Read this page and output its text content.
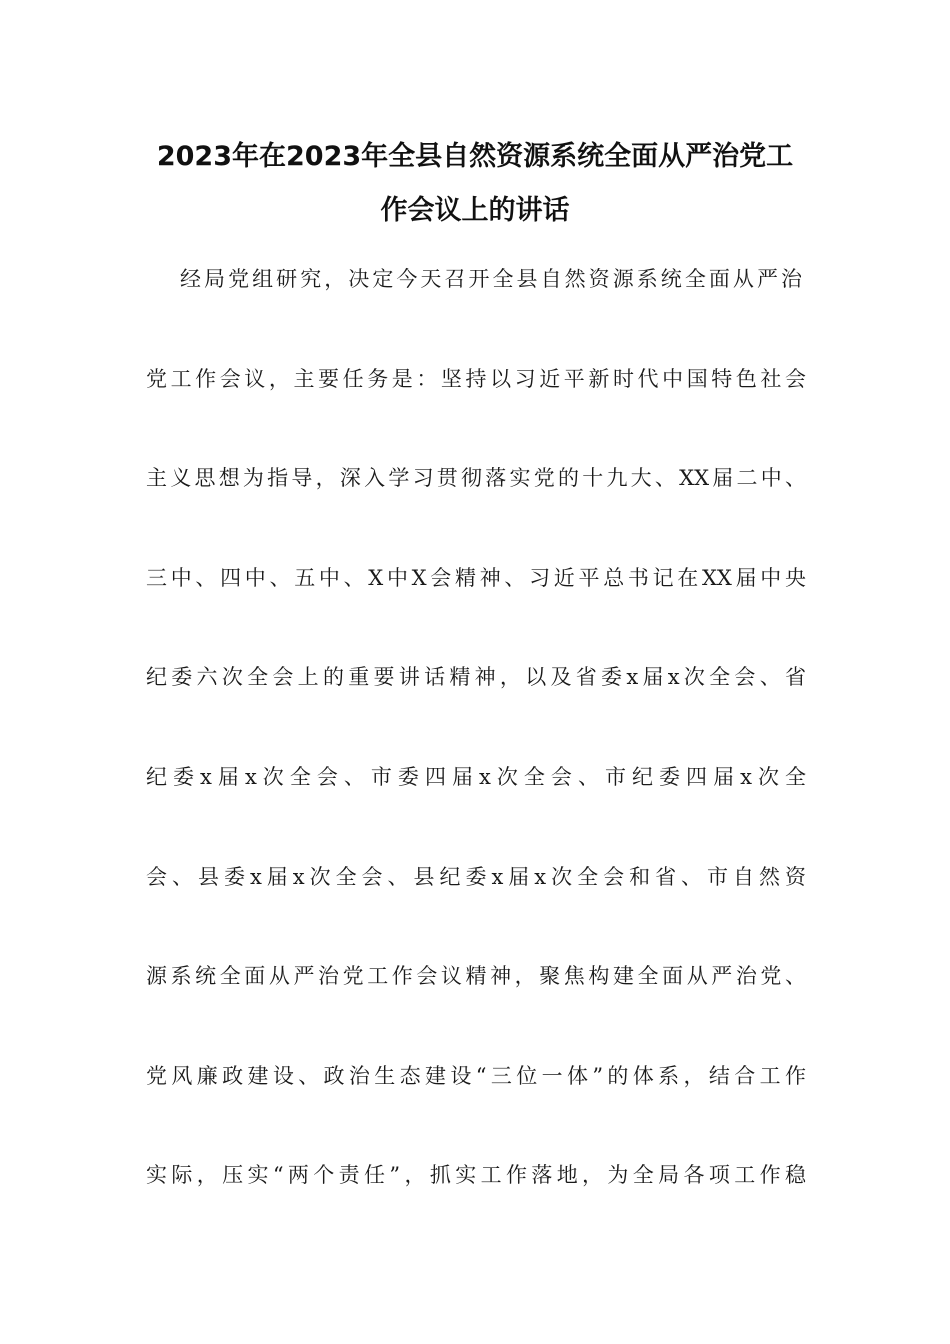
2023年在2023年全县自然资源系统全面从严治党工
作会议上的讲话
经局党组研究，决定今天召开全县自然资源系统全面从严治
党工作会议，主要任务是：坚持以习近平新时代中国特色社会
主义思想为指导，深入学习贯彻落实党的十九大、XX届二中、
三中、四中、五中、X中X会精神、习近平总书记在XX届中央
纪委六次全会上的重要讲话精神，以及省委x届x次全会、省
纪委x届x次全会、市委四届x次全会、市纪委四届x次全
会、县委x届x次全会、县纪委x届x次全会和省、市自然资
源系统全面从严治党工作会议精神，聚焦构建全面从严治党、
党风廉政建设、政治生态建设“三位一体”的体系，结合工作
实际，压实“两个责任”，抓实工作落地，为全局各项工作稳
